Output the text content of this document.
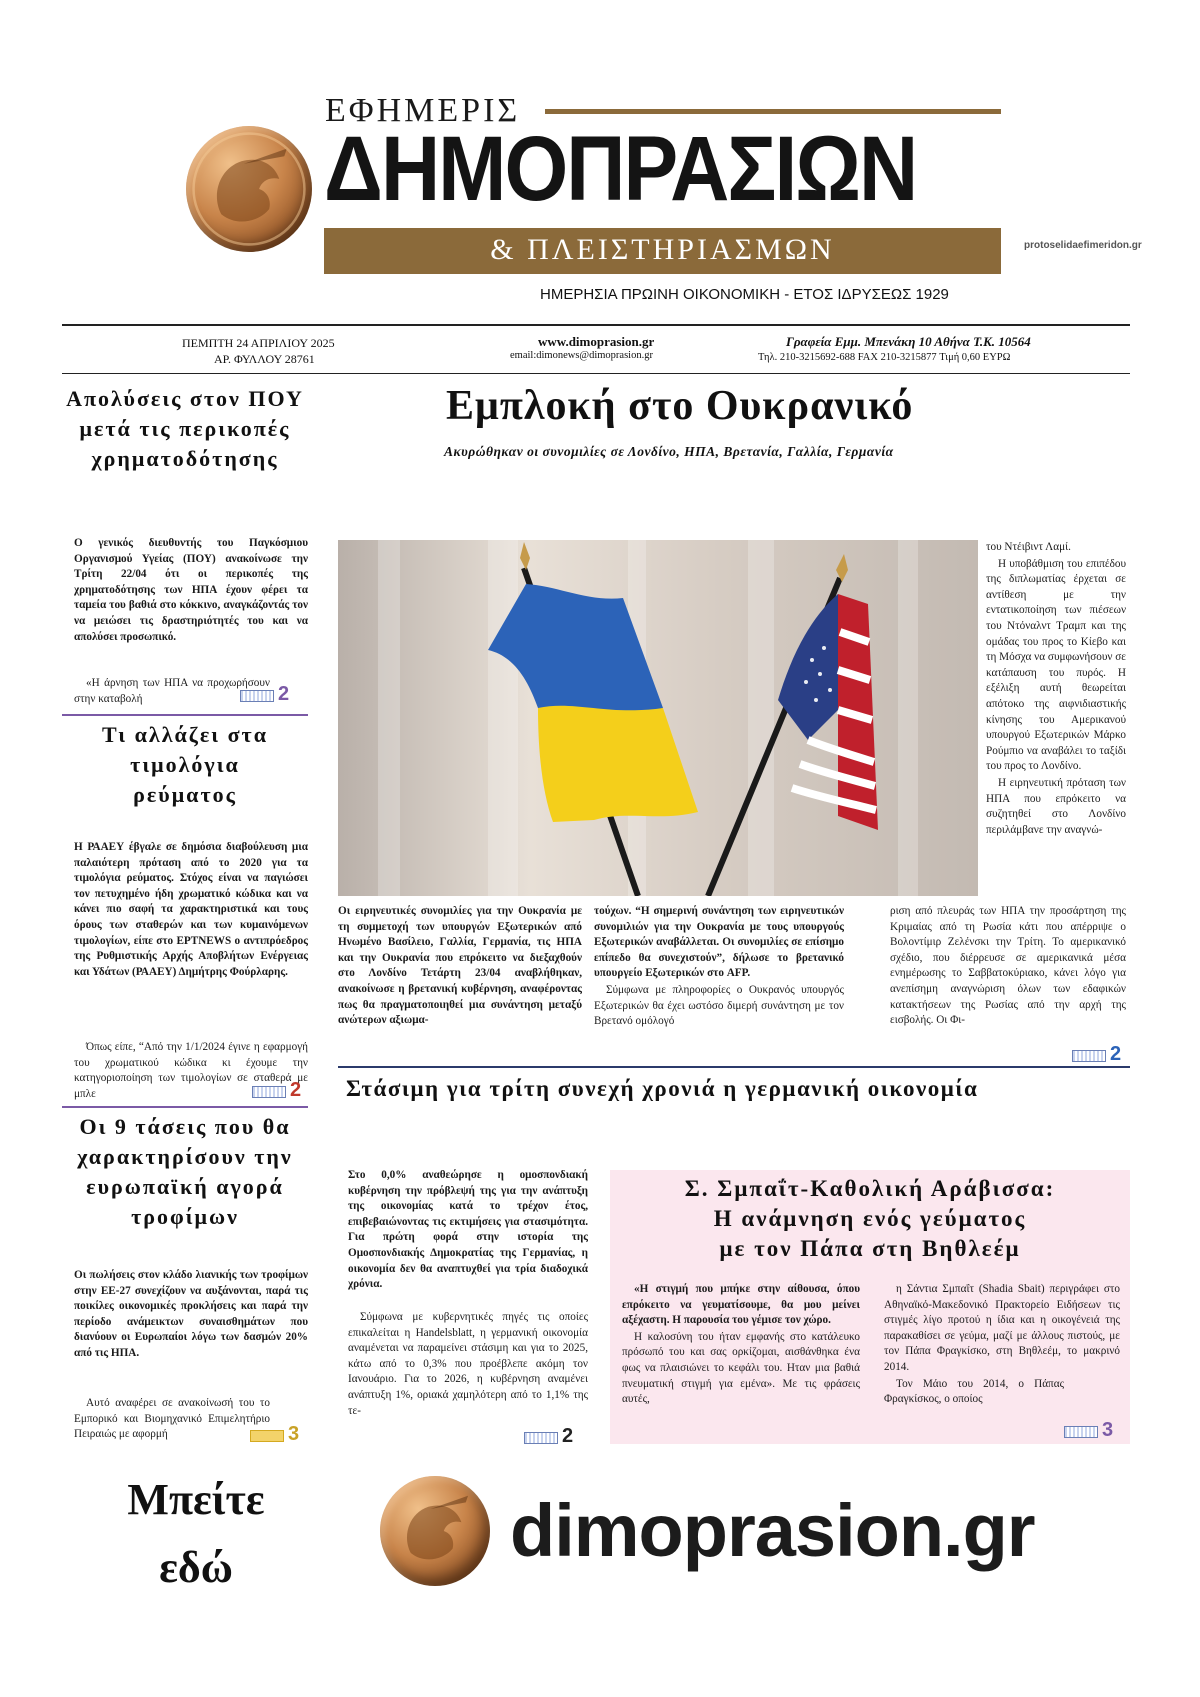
ΕΦΗΜΕΡΙΣ
ΔΗΜΟΠΡΑΣΙΩΝ
& ΠΛΕΙΣΤΗΡΙΑΣΜΩΝ
ΗΜΕΡΗΣΙΑ ΠΡΩΙΝΗ ΟΙΚΟΝΟΜΙΚΗ - ΕΤΟΣ ΙΔΡΥΣΕΩΣ 1929
protoselidaefimeridon.gr
ΠΕΜΠΤΗ 24 ΑΠΡΙΛΙΟΥ 2025
ΑΡ. ΦΥΛΛΟΥ 28761
www.dimoprasion.gr
email:dimonews@dimoprasion.gr
Γραφεία Εμμ. Μπενάκη 10 Αθήνα Τ.Κ. 10564
Τηλ. 210-3215692-688 FAX 210-3215877 Τιμή 0,60 ΕΥΡΩ
Απολύσεις στον ΠΟΥ μετά τις περικοπές χρηματοδότησης
Ο γενικός διευθυντής του Παγκόσμιου Οργανισμού Υγείας (ΠΟΥ) ανακοίνωσε την Τρίτη 22/04 ότι οι περικοπές της χρηματοδότησης των ΗΠΑ έχουν φέρει τα ταμεία του βαθιά στο κόκκινο, αναγκάζοντάς τον να μειώσει τις δραστηριότητές του και να απολύσει προσωπικό.

«Η άρνηση των ΗΠΑ να προχωρήσουν στην καταβολή	2
Τι αλλάζει στα τιμολόγια ρεύματος
Η ΡΑΑΕΥ έβγαλε σε δημόσια διαβούλευση μια παλαιότερη πρόταση από το 2020 για τα τιμολόγια ρεύματος. Στόχος είναι να παγιώσει τον πετυχημένο ήδη χρωματικό κώδικα και να κάνει πιο σαφή τα χαρακτηριστικά και τους όρους των σταθερών και των κυμαινόμενων τιμολογίων, είπε στο ΕΡΤNEWS ο αντιπρόεδρος της Ρυθμιστικής Αρχής Αποβλήτων Ενέργειας και Υδάτων (ΡΑΑΕΥ) Δημήτρης Φούρλαρης.

Όπως είπε, “Από την 1/1/2024 έγινε η εφαρμογή του χρωματικού κώδικα κι έχουμε την κατηγοριοποίηση των τιμολογίων σε σταθερά με μπλε	2
Οι 9 τάσεις που θα χαρακτηρίσουν την ευρωπαϊκή αγορά τροφίμων
Οι πωλήσεις στον κλάδο λιανικής των τροφίμων στην ΕΕ-27 συνεχίζουν να αυξάνονται, παρά τις ποικίλες οικονομικές προκλήσεις και παρά την περίοδο ανάμεικτων συναισθημάτων που διανύουν οι Ευρωπαίοι λόγω των δασμών 20% από τις ΗΠΑ.

Αυτό αναφέρει σε ανακοίνωσή του το Εμπορικό και Βιομηχανικό Επιμελητήριο Πειραιώς με αφορμή	3
Εμπλοκή στο Ουκρανικό
Ακυρώθηκαν οι συνομιλίες σε Λονδίνο, ΗΠΑ, Βρετανία, Γαλλία, Γερμανία
Οι ειρηνευτικές συνομιλίες για την Ουκρανία με τη συμμετοχή των υπουργών Εξωτερικών από Ηνωμένο Βασίλειο, Γαλλία, Γερμανία, τις ΗΠΑ και την Ουκρανία που επρόκειτο να διεξαχθούν στο Λονδίνο Τετάρτη 23/04 αναβλήθηκαν, ανακοίνωσε η βρετανική κυβέρνηση, αναφέροντας πως θα πραγματοποιηθεί μια συνάντηση μεταξύ ανώτερων αξιωμα-

τούχων. “Η σημερινή συνάντηση των ειρηνευτικών συνομιλιών για την Ουκρανία με τους υπουργούς Εξωτερικών αναβάλλεται. Οι συνομιλίες σε επίσημο επίπεδο θα συνεχιστούν”, δήλωσε το βρετανικό υπουργείο Εξωτερικών στο AFP.

Σύμφωνα με πληροφορίες ο Ουκρανός υπουργός Εξωτερικών θα έχει ωστόσο διμερή συνάντηση με τον Βρετανό ομόλογό

του Ντέιβιντ Λαμί.

Η υποβάθμιση του επιπέδου της διπλωματίας έρχεται σε αντίθεση με την εντατικοποίηση των πιέσεων του Ντόναλντ Τραμπ και της ομάδας του προς το Κίεβο και τη Μόσχα να συμφωνήσουν σε κατάπαυση του πυρός. Η εξέλιξη αυτή θεωρείται απότοκο της αιφνιδιαστικής κίνησης του Αμερικανού υπουργού Εξωτερικών Μάρκο Ρούμπιο να αναβάλει το ταξίδι του προς το Λονδίνο.

Η ειρηνευτική πρόταση των ΗΠΑ που επρόκειτο να συζητηθεί στο Λονδίνο περιλάμβανε την αναγνώ-

ριση από πλευράς των ΗΠΑ την προσάρτηση της Κριμαίας από τη Ρωσία κάτι που απέρριψε ο Βολοντίμιρ Ζελένσκι την Τρίτη. Το αμερικανικό σχέδιο, που διέρρευσε σε αμερικανικά μέσα ενημέρωσης το Σαββατοκύριακο, κάνει λόγο για ανεπίσημη αναγνώριση όλων των εδαφικών κατακτήσεων της Ρωσίας από την αρχή της εισβολής. Οι Φι-

2
Στάσιμη για τρίτη συνεχή χρονιά η γερμανική οικονομία
Στο 0,0% αναθεώρησε η ομοσπονδιακή κυβέρνηση την πρόβλεψή της για την ανάπτυξη της οικονομίας κατά το τρέχον έτος, επιβεβαιώνοντας τις εκτιμήσεις για στασιμότητα. Για πρώτη φορά στην ιστορία της Ομοσπονδιακής Δημοκρατίας της Γερμανίας, η οικονομία δεν θα αναπτυχθεί για τρία διαδοχικά χρόνια.

Σύμφωνα με κυβερνητικές πηγές τις οποίες επικαλείται η Handelsblatt, η γερμανική οικονομία αναμένεται να παραμείνει στάσιμη και για το 2025, κάτω από το 0,3% που προέβλεπε ακόμη τον Ιανουάριο. Για το 2026, η κυβέρνηση αναμένει ανάπτυξη 1%, οριακά χαμηλότερη από το 1,1% της τε-

2
Σ. Σμπαΐτ-Καθολική Αράβισσα:
Η ανάμνηση ενός γεύματος
με τον Πάπα στη Βηθλεέμ

«Η στιγμή που μπήκε στην αίθουσα, όπου επρόκειτο να γευματίσουμε, θα μου μείνει αξέχαστη. Η παρουσία του γέμισε τον χώρο.

Η καλοσύνη του ήταν εμφανής στο κατάλευκο πρόσωπό του και σας ορκίζομαι, αισθάνθηκα ένα φως να πλαισιώνει το κεφάλι του. Ηταν μια βαθιά πνευματική στιγμή για εμένα». Με τις φράσεις αυτές,

η Σάντια Σμπαΐτ (Shadia Sbait) περιγράφει στο Αθηναϊκό-Μακεδονικό Πρακτορείο Ειδήσεων τις στιγμές λίγο προτού η ίδια και η οικογένειά της παρακαθίσει σε γεύμα, μαζί με άλλους πιστούς, με τον Πάπα Φραγκίσκο, στη Βηθλεέμ, το μακρινό 2014.

Τον Μάιο του 2014, ο Πάπας Φραγκίσκος, ο οποίος

3
Μπείτε
εδώ	dimoprasion.gr
